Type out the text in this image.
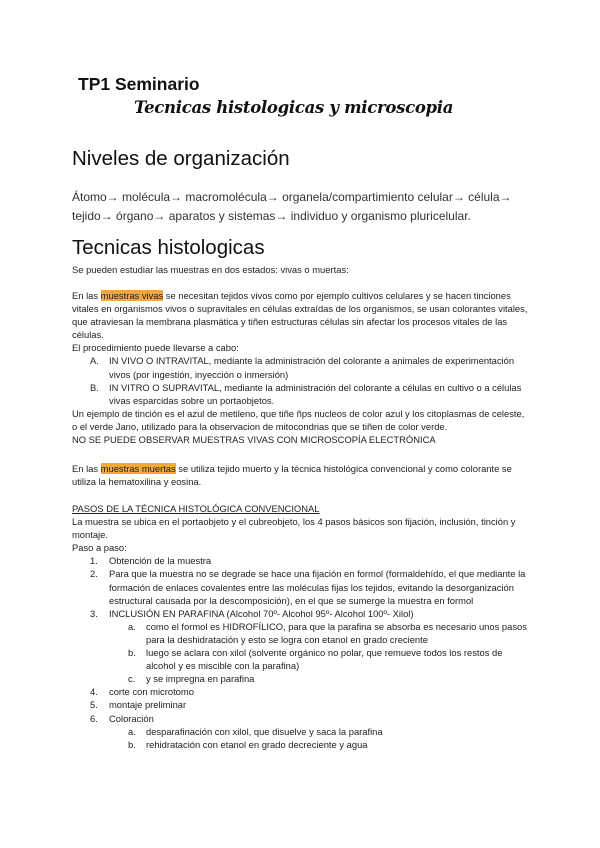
TP1 Seminario
Tecnicas histologicas y microscopia
Niveles de organización
Átomo→ molécula→ macromolécula→ organela/compartimiento celular→ célula→ tejido→ órgano→ aparatos y sistemas→ individuo y organismo pluricelular.
Tecnicas histologicas

Se pueden estudiar las muestras en dos estados: vivas o muertas:

En las muestras vivas se necesitan tejidos vivos como por ejemplo cultivos celulares y se hacen tinciones vitales en organismos vivos o supravitales en células extraídas de los organismos, se usan colorantes vitales, que atraviesan la membrana plasmática y tiñen estructuras células sin afectar los procesos vitales de las células.

El procedimiento puede llevarse a cabo:

A. IN VIVO O INTRAVITAL, mediante la administración del colorante a animales de experimentación vivos (por ingestión, inyección o inmersión)
B. IN VITRO O SUPRAVITAL, mediante la administración del colorante a células en cultivo o a células vivas esparcidas sobre un portaobjetos.

Un ejemplo de tinción es el azul de metileno, que tiñe ñps nucleos de color azul y los citoplasmas de celeste, o el verde Jano, utilizado para la observacion de mitocondrias que se tiñen de color verde.

NO SE PUEDE OBSERVAR MUESTRAS VIVAS CON MICROSCOPÍA ELECTRÓNICA

En las muestras muertas se utiliza tejido muerto y la técnica histológica convencional y como colorante se utiliza la hematoxilina y eosina.

PASOS DE LA TÉCNICA HISTOLÓGICA CONVENCIONAL

La muestra se ubica en el portaobjeto y el cubreobjeto, los 4 pasos básicos son fijación, inclusión, tinción y montaje.

Paso a paso:

1. Obtención de la muestra
2. Para que la muestra no se degrade se hace una fijación en formol (formaldehído, el que mediante la formación de enlaces covalentes entre las moléculas fijas los tejidos, evitando la desorganización estructural causada por la descomposición), en el que se sumerge la muestra en formol
3. INCLUSIÓN EN PARAFINA (Alcohol 70º- Alcohol 95º- Alcohol 100º- Xilol)
a. como el formol es HIDROFÍLICO, para que la parafina se absorba es necesario unos pasos para la deshidratación y esto se logra con etanol en grado creciente
b. luego se aclara con xilol (solvente orgánico no polar, que remueve todos los restos de alcohol y es miscible con la parafina)
c. y se impregna en parafina
4. corte con microtomo
5. montaje preliminar
6. Coloración
a. desparafinación con xilol, que disuelve y saca la parafina
b. rehidratación con etanol en grado decreciente y agua
